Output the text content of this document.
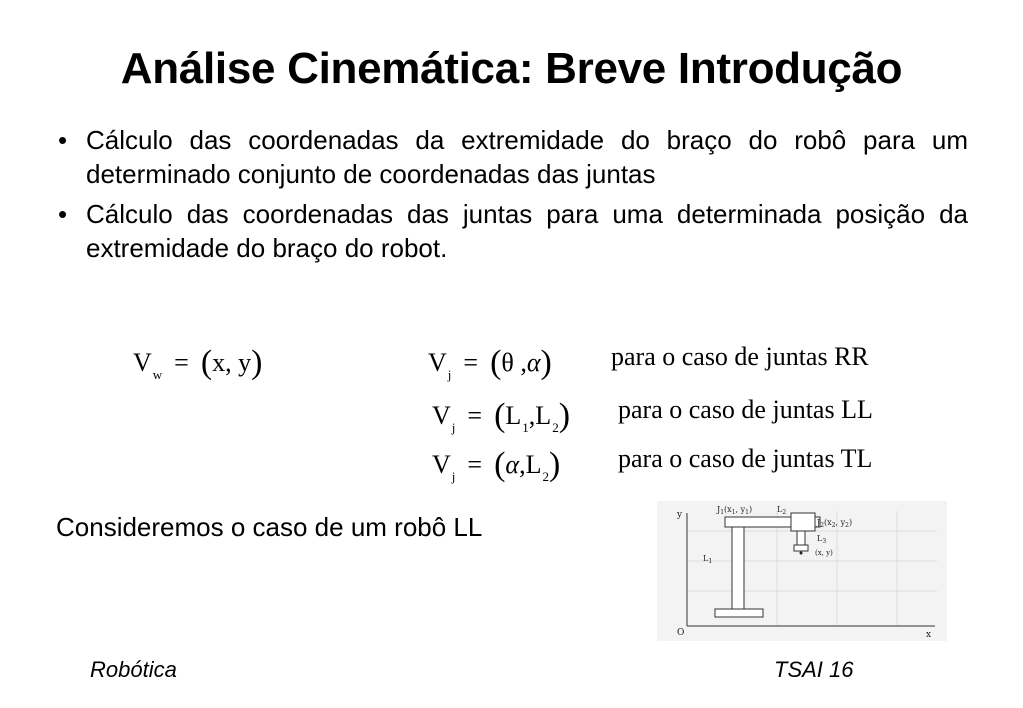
Análise Cinemática: Breve Introdução
• Cálculo das coordenadas da extremidade do braço do robô para um determinado conjunto de coordenadas das juntas
• Cálculo das coordenadas das juntas para uma determinada posição da extremidade do braço do robot.
$V_w = (x$, y)	$V_j = (\theta$ ,α) para o caso de juntas RR
$V_j = (L_1,L_2)$ para o caso de juntas LL
$V_j = (\alpha,L_2)$ para o caso de juntas TL
Consideremos o caso de um robô LL	y
x
O
$J_1(x_1$, $y_1$)	$L_2$
$J_2(x_2$, $y_2$)
$L_3$
(x, y)
$L_1$
Robótica	TSAI 16
